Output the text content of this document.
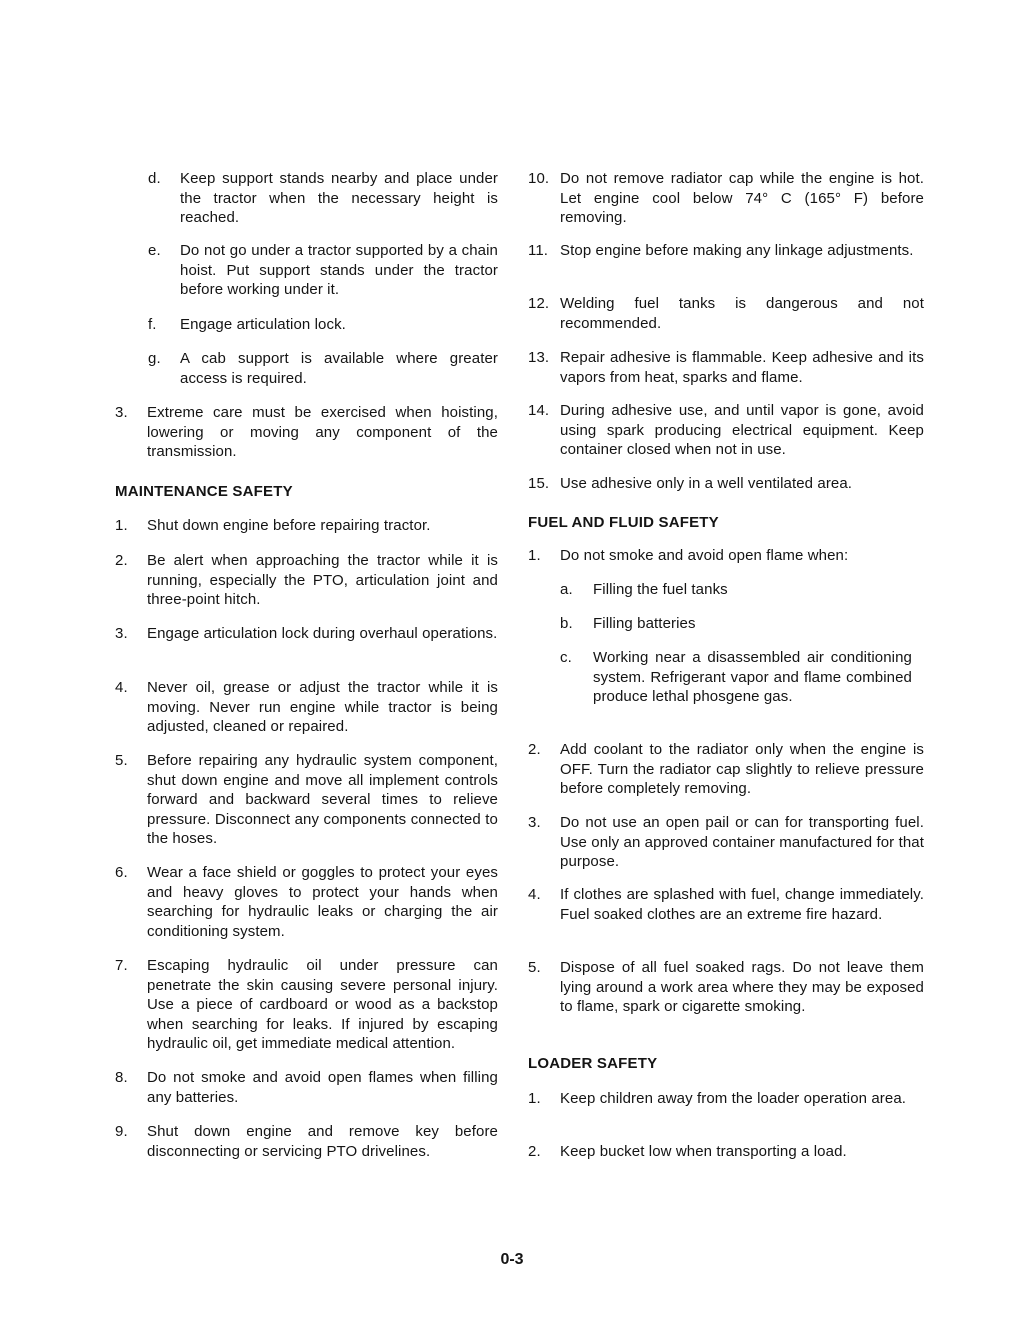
d. Keep support stands nearby and place under the tractor when the necessary height is reached.
e. Do not go under a tractor supported by a chain hoist. Put support stands under the tractor before working under it.
f. Engage articulation lock.
g. A cab support is available where greater access is required.
3. Extreme care must be exercised when hoisting, lowering or moving any component of the transmission.
MAINTENANCE SAFETY
1. Shut down engine before repairing tractor.
2. Be alert when approaching the tractor while it is running, especially the PTO, articulation joint and three-point hitch.
3. Engage articulation lock during overhaul operations.
4. Never oil, grease or adjust the tractor while it is moving. Never run engine while tractor is being adjusted, cleaned or repaired.
5. Before repairing any hydraulic system component, shut down engine and move all implement controls forward and backward several times to relieve pressure. Disconnect any components connected to the hoses.
6. Wear a face shield or goggles to protect your eyes and heavy gloves to protect your hands when searching for hydraulic leaks or charging the air conditioning system.
7. Escaping hydraulic oil under pressure can penetrate the skin causing severe personal injury. Use a piece of cardboard or wood as a backstop when searching for leaks. If injured by escaping hydraulic oil, get immediate medical attention.
8. Do not smoke and avoid open flames when filling any batteries.
9. Shut down engine and remove key before disconnecting or servicing PTO drivelines.
10. Do not remove radiator cap while the engine is hot. Let engine cool below 74° C (165° F) before removing.
11. Stop engine before making any linkage adjustments.
12. Welding fuel tanks is dangerous and not recommended.
13. Repair adhesive is flammable. Keep adhesive and its vapors from heat, sparks and flame.
14. During adhesive use, and until vapor is gone, avoid using spark producing electrical equipment. Keep container closed when not in use.
15. Use adhesive only in a well ventilated area.
FUEL AND FLUID SAFETY
1. Do not smoke and avoid open flame when:
a. Filling the fuel tanks
b. Filling batteries
c. Working near a disassembled air conditioning system. Refrigerant vapor and flame combined produce lethal phosgene gas.
2. Add coolant to the radiator only when the engine is OFF. Turn the radiator cap slightly to relieve pressure before completely removing.
3. Do not use an open pail or can for transporting fuel. Use only an approved container manufactured for that purpose.
4. If clothes are splashed with fuel, change immediately. Fuel soaked clothes are an extreme fire hazard.
5. Dispose of all fuel soaked rags. Do not leave them lying around a work area where they may be exposed to flame, spark or cigarette smoking.
LOADER SAFETY
1. Keep children away from the loader operation area.
2. Keep bucket low when transporting a load.
0-3
